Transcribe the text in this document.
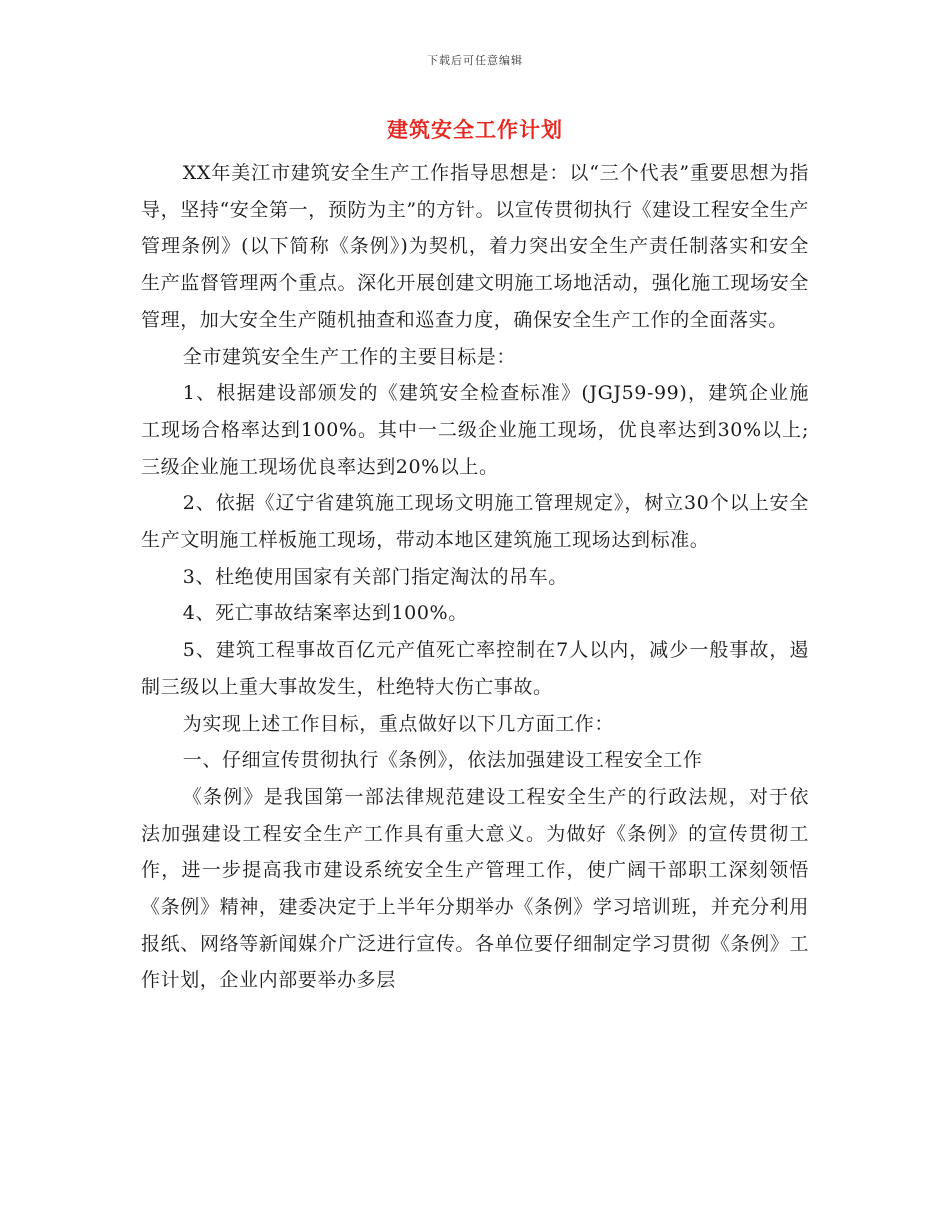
下载后可任意编辑
建筑安全工作计划

XX年美江市建筑安全生产工作指导思想是：以“三个代表”重要思想为指导，坚持“安全第一，预防为主”的方针。以宣传贯彻执行《建设工程安全生产管理条例》(以下简称《条例》)为契机，着力突出安全生产责任制落实和安全生产监督管理两个重点。深化开展创建文明施工场地活动，强化施工现场安全管理，加大安全生产随机抽查和巡查力度，确保安全生产工作的全面落实。

全市建筑安全生产工作的主要目标是：

1、根据建设部颁发的《建筑安全检查标准》(JGJ59-99)，建筑企业施工现场合格率达到100%。其中一二级企业施工现场，优良率达到30%以上;三级企业施工现场优良率达到20%以上。

2、依据《辽宁省建筑施工现场文明施工管理规定》，树立30个以上安全生产文明施工样板施工现场，带动本地区建筑施工现场达到标准。

3、杜绝使用国家有关部门指定淘汰的吊车。

4、死亡事故结案率达到100%。

5、建筑工程事故百亿元产值死亡率控制在7人以内，减少一般事故，遏制三级以上重大事故发生，杜绝特大伤亡事故。

为实现上述工作目标，重点做好以下几方面工作：

一、仔细宣传贯彻执行《条例》，依法加强建设工程安全工作

《条例》是我国第一部法律规范建设工程安全生产的行政法规，对于依法加强建设工程安全生产工作具有重大意义。为做好《条例》的宣传贯彻工作，进一步提高我市建设系统安全生产管理工作，使广阔干部职工深刻领悟《条例》精神，建委决定于上半年分期举办《条例》学习培训班，并充分利用报纸、网络等新闻媒介广泛进行宣传。各单位要仔细制定学习贯彻《条例》工作计划，企业内部要举办多层
